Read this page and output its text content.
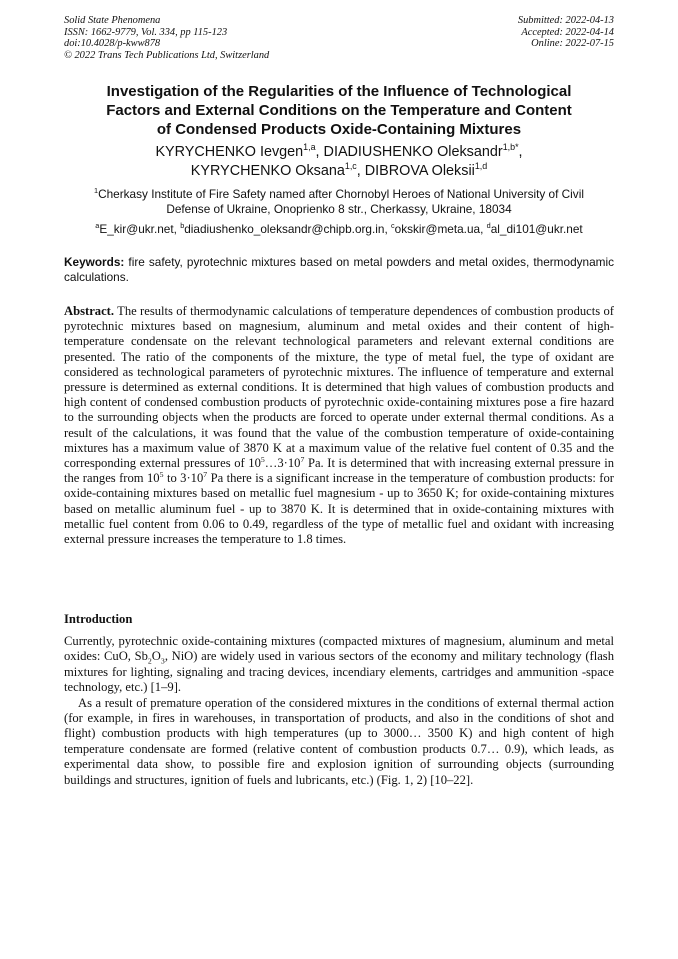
Solid State Phenomena
ISSN: 1662-9779, Vol. 334, pp 115-123
doi:10.4028/p-kww878
© 2022 Trans Tech Publications Ltd, Switzerland
Submitted: 2022-04-13
Accepted: 2022-04-14
Online: 2022-07-15
Investigation of the Regularities of the Influence of Technological
Factors and External Conditions on the Temperature and Content
of Condensed Products Oxide-Containing Mixtures
KYRYCHENKO Ievgen$^{1,a}$, DIADIUSHENKO Oleksandr$^{1,b*}$,
KYRYCHENKO Oksana$^{1,c}$, DIBROVA Oleksii$^{1,d}$
$^1$Cherkasy Institute of Fire Safety named after Chornobyl Heroes of National University of Civil
Defense of Ukraine, Onoprienko 8 str., Cherkassy, Ukraine, 18034
$^a$E_kir@ukr.net, $^b$diadiushenko_oleksandr@chipb.org.in, $^c$okskir@meta.ua, $^d$al_di101@ukr.net
Keywords: fire safety, pyrotechnic mixtures based on metal powders and metal oxides, thermodynamic calculations.
Abstract. The results of thermodynamic calculations of temperature dependences of combustion products of pyrotechnic mixtures based on magnesium, aluminum and metal oxides and their content of high-temperature condensate on the relevant technological parameters and relevant external conditions are presented. The ratio of the components of the mixture, the type of metal fuel, the type of oxidant are considered as technological parameters of pyrotechnic mixtures. The influence of temperature and external pressure is determined as external conditions. It is determined that high values of combustion products and high content of condensed combustion products of pyrotechnic oxide-containing mixtures pose a fire hazard to the surrounding objects when the products are forced to operate under external thermal conditions. As a result of the calculations, it was found that the value of the combustion temperature of oxide-containing mixtures has a maximum value of 3870 K at a maximum value of the relative fuel content of 0.35 and the corresponding external pressures of $10^5\dots 3\cdot 10^7$ Pa. It is determined that with increasing external pressure in the ranges from $10^5$ to $3\cdot 10^7$ Pa there is a significant increase in the temperature of combustion products: for oxide-containing mixtures based on metallic fuel magnesium - up to 3650 K; for oxide-containing mixtures based on metallic aluminum fuel - up to 3870 K. It is determined that in oxide-containing mixtures with metallic fuel content from 0.06 to 0.49, regardless of the type of metallic fuel and oxidant with increasing external pressure increases the temperature to 1.8 times.
Introduction

Currently, pyrotechnic oxide-containing mixtures (compacted mixtures of magnesium, aluminum and metal oxides: CuO, $Sb_2O_3$, NiO) are widely used in various sectors of the economy and military technology (flash mixtures for lighting, signaling and tracing devices, incendiary elements, cartridges and ammunition -space technology, etc.) [1–9].

As a result of premature operation of the considered mixtures in the conditions of external thermal action (for example, in fires in warehouses, in transportation of products, and also in the conditions of shot and flight) combustion products with high temperatures (up to 3000… 3500 K) and high content of high temperature condensate are formed (relative content of combustion products 0.7… 0.9), which leads, as experimental data show, to possible fire and explosion ignition of surrounding objects (surrounding buildings and structures, ignition of fuels and lubricants, etc.) (Fig. 1, 2) [10–22].
